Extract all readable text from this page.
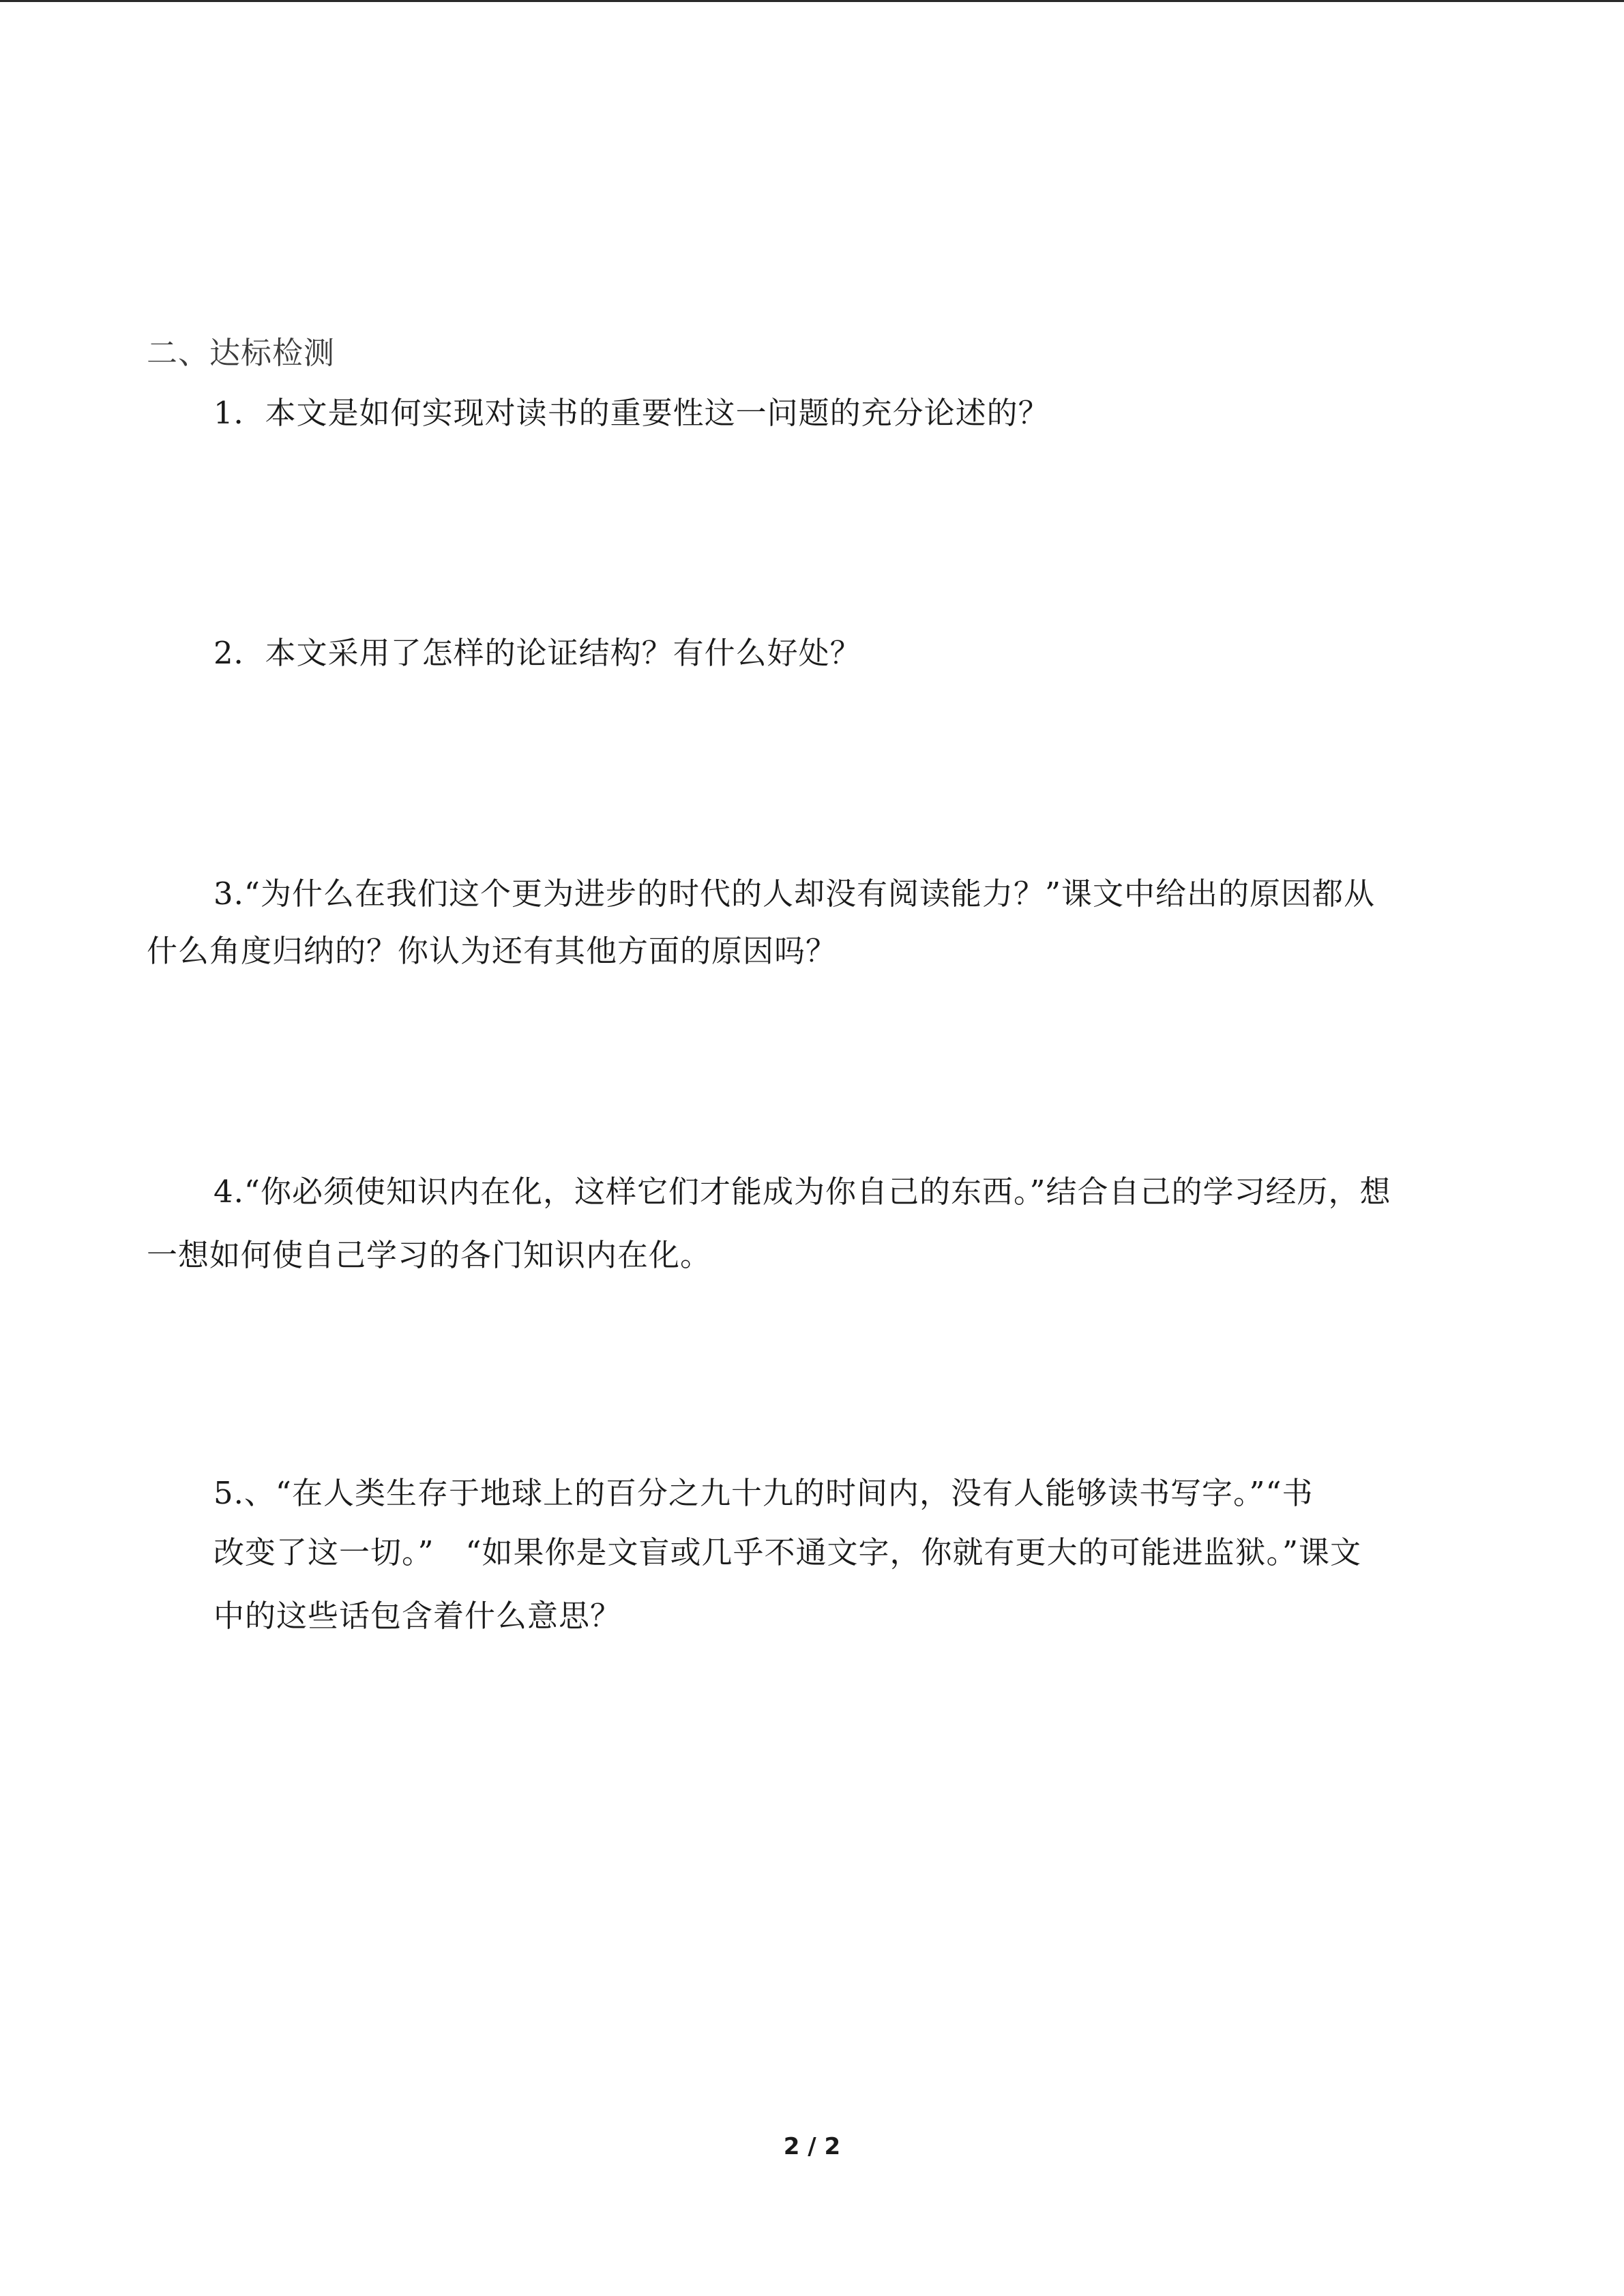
二、达标检测
1．本文是如何实现对读书的重要性这一问题的充分论述的？
2．本文采用了怎样的论证结构？有什么好处？
3.“为什么在我们这个更为进步的时代的人却没有阅读能力？”课文中给出的原因都从
什么角度归纳的？你认为还有其他方面的原因吗？
4.“你必须使知识内在化，这样它们才能成为你自己的东西。”结合自己的学习经历，想
一想如何使自己学习的各门知识内在化。
5.、“在人类生存于地球上的百分之九十九的时间内，没有人能够读书写字。”“书
改变了这一切。”　“如果你是文盲或几乎不通文字，你就有更大的可能进监狱。”课文
中的这些话包含着什么意思？
2 / 2
